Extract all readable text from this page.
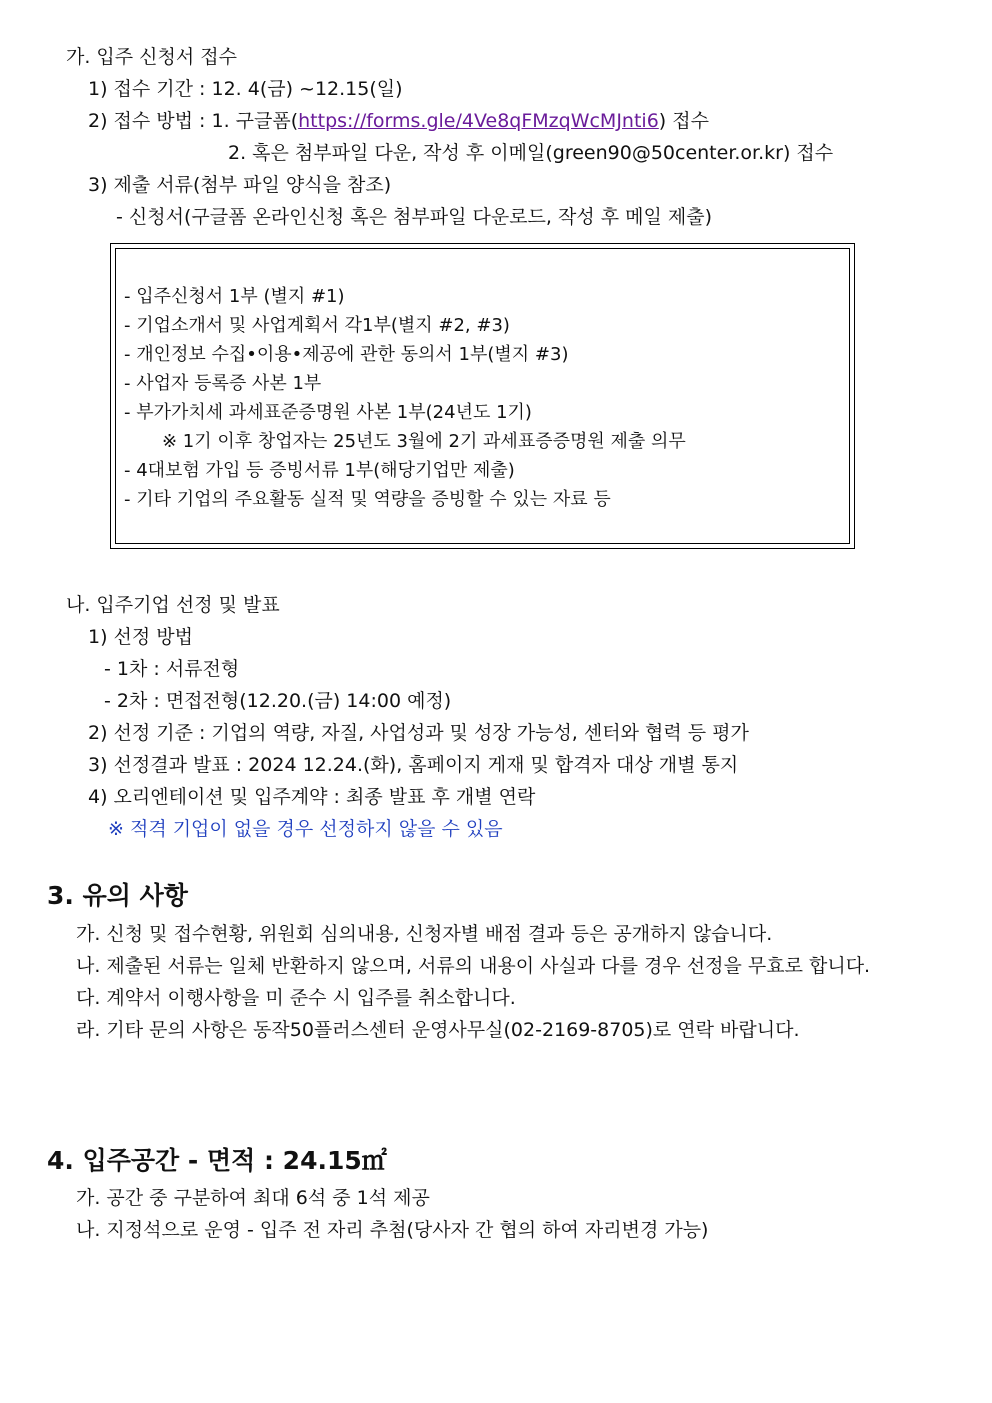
가. 입주 신청서 접수
1) 접수 기간 : 12. 4(금) ~12.15(일)
2) 접수 방법 : 1. 구글폼(https://forms.gle/4Ve8qFMzqWcMJnti6) 접수
2. 혹은 첨부파일 다운, 작성 후 이메일(green90@50center.or.kr) 접수
3) 제출 서류(첨부 파일 양식을 참조)
- 신청서(구글폼 온라인신청 혹은 첨부파일 다운로드, 작성 후 메일 제출)
- 입주신청서 1부 (별지 #1)
- 기업소개서 및 사업계획서 각1부(별지 #2, #3)
- 개인정보 수집•이용•제공에 관한 동의서 1부(별지 #3)
- 사업자 등록증 사본 1부
- 부가가치세 과세표준증명원 사본 1부(24년도 1기)
※ 1기 이후 창업자는 25년도 3월에 2기 과세표증증명원 제출 의무
- 4대보험 가입 등 증빙서류 1부(해당기업만 제출)
- 기타 기업의 주요활동 실적 및 역량을 증빙할 수 있는 자료 등
나. 입주기업 선정 및 발표
1) 선정 방법
- 1차 : 서류전형
- 2차 : 면접전형(12.20.(금) 14:00 예정)
2) 선정 기준 : 기업의 역량, 자질, 사업성과 및 성장 가능성, 센터와 협력 등 평가
3) 선정결과 발표 : 2024 12.24.(화), 홈페이지 게재 및 합격자 대상 개별 통지
4) 오리엔테이션 및 입주계약 : 최종 발표 후 개별 연락
※ 적격 기업이 없을 경우 선정하지 않을 수 있음
3. 유의 사항
가. 신청 및 접수현황, 위원회 심의내용, 신청자별 배점 결과 등은 공개하지 않습니다.
나. 제출된 서류는 일체 반환하지 않으며, 서류의 내용이 사실과 다를 경우 선정을 무효로 합니다.
다. 계약서 이행사항을 미 준수 시 입주를 취소합니다.
라. 기타 문의 사항은 동작50플러스센터 운영사무실(02-2169-8705)로 연락 바랍니다.
4. 입주공간 - 면적 : 24.15㎡
가. 공간 중 구분하여 최대 6석 중 1석 제공
나. 지정석으로 운영 - 입주 전 자리 추첨(당사자 간 협의 하여 자리변경 가능)
